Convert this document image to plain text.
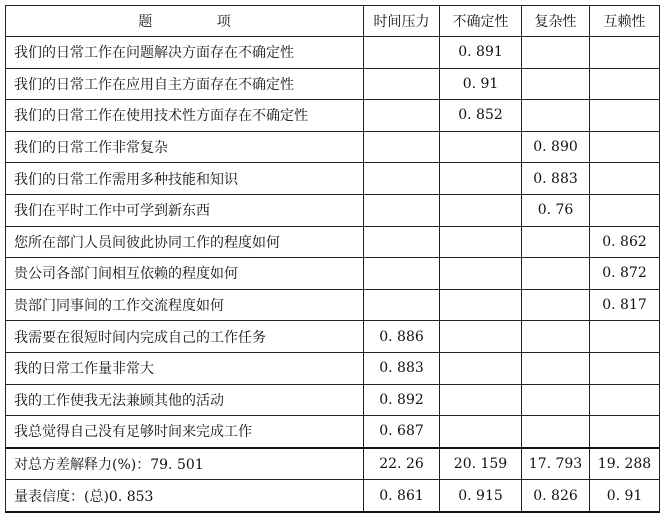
题 项	时间压力	不确定性	复杂性	互赖性
我们的日常工作在问题解决方面存在不确定性		0. 891		
我们的日常工作在应用自主方面存在不确定性		0. 91		
我们的日常工作在使用技术性方面存在不确定性		0. 852		
我们的日常工作非常复杂			0. 890	
我们的日常工作需用多种技能和知识			0. 883	
我们在平时工作中可学到新东西			0. 76	
您所在部门人员间彼此协同工作的程度如何				0. 862
贵公司各部门间相互依赖的程度如何				0. 872
贵部门同事间的工作交流程度如何				0. 817
我需要在很短时间内完成自己的工作任务	0. 886			
我的日常工作量非常大	0. 883			
我的工作使我无法兼顾其他的活动	0. 892			
我总觉得自己没有足够时间来完成工作	0. 687			
对总方差解释力(%)：79. 501	22. 26	20. 159	17. 793	19. 288
量表信度：(总)0. 853	0. 861	0. 915	0. 826	0. 91
